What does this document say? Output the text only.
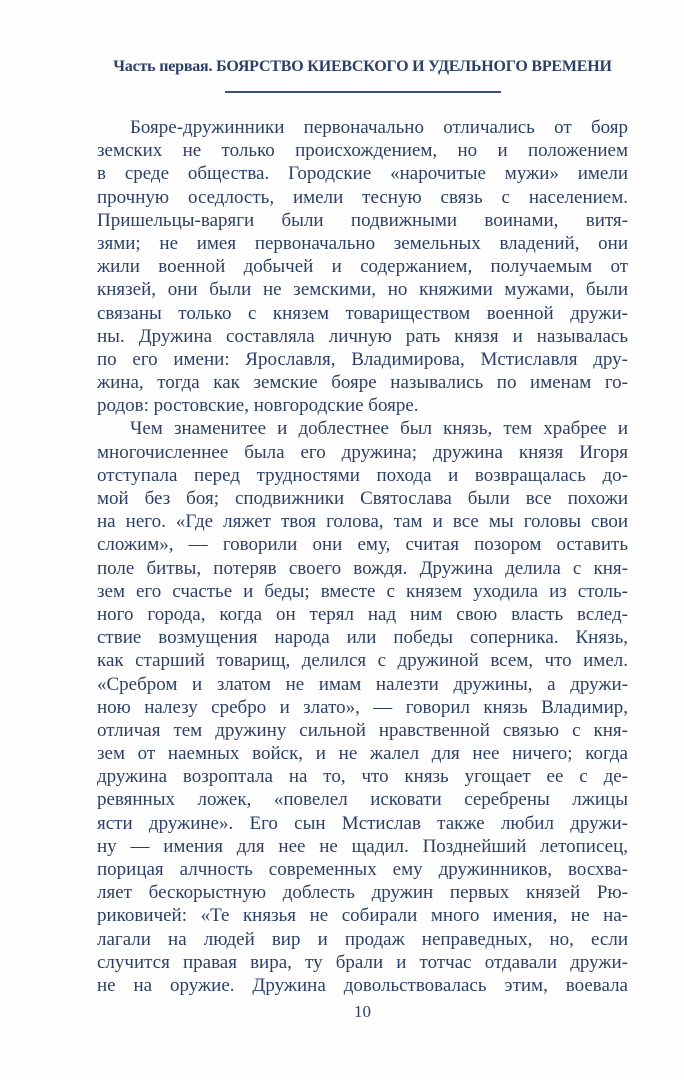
Часть первая. БОЯРСТВО КИЕВСКОГО И УДЕЛЬНОГО ВРЕМЕНИ
Бояре-дружинники первоначально отличались от бояр
земских не только происхождением, но и положением
в среде общества. Городские «нарочитые мужи» имели
прочную оседлость, имели тесную связь с населением.
Пришельцы-варяги были подвижными воинами, витя-
зями; не имея первоначально земельных владений, они
жили военной добычей и содержанием, получаемым от
князей, они были не земскими, но княжими мужами, были
связаны только с князем товариществом военной дружи-
ны. Дружина составляла личную рать князя и называлась
по его имени: Ярославля, Владимирова, Мстиславля дру-
жина, тогда как земские бояре назывались по именам го-
родов: ростовские, новгородские бояре.
Чем знаменитее и доблестнее был князь, тем храбрее и
многочисленнее была его дружина; дружина князя Игоря
отступала перед трудностями похода и возвращалась до-
мой без боя; сподвижники Святослава были все похожи
на него. «Где ляжет твоя голова, там и все мы головы свои
сложим», — говорили они ему, считая позором оставить
поле битвы, потеряв своего вождя. Дружина делила с кня-
зем его счастье и беды; вместе с князем уходила из столь-
ного города, когда он терял над ним свою власть вслед-
ствие возмущения народа или победы соперника. Князь,
как старший товарищ, делился с дружиной всем, что имел.
«Сребром и златом не имам налезти дружины, а дружи-
ною налезу сребро и злато», — говорил князь Владимир,
отличая тем дружину сильной нравственной связью с кня-
зем от наемных войск, и не жалел для нее ничего; когда
дружина возроптала на то, что князь угощает ее с де-
ревянных ложек, «повелел исковати серебрены лжицы
ясти дружине». Его сын Мстислав также любил дружи-
ну — имения для нее не щадил. Позднейший летописец,
порицая алчность современных ему дружинников, восхва-
ляет бескорыстную доблесть дружин первых князей Рю-
риковичей: «Те князья не собирали много имения, не на-
лагали на людей вир и продаж неправедных, но, если
случится правая вира, ту брали и тотчас отдавали дружи-
не на оружие. Дружина довольствовалась этим, воевала
10
